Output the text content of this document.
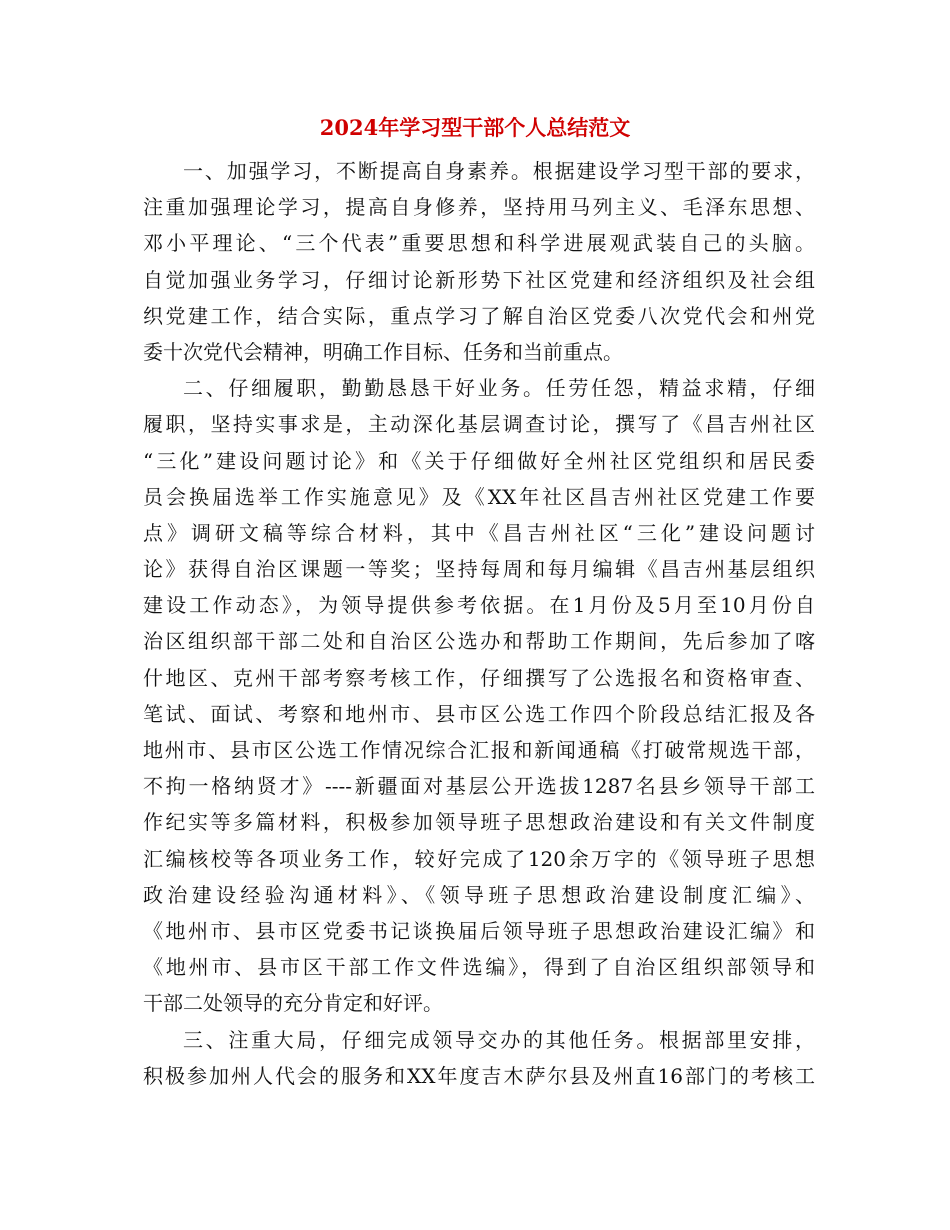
2024年学习型干部个人总结范文
一、加强学习，不断提高自身素养。根据建设学习型干部的要求，
注重加强理论学习，提高自身修养，坚持用马列主义、毛泽东思想、
邓小平理论、“三个代表”重要思想和科学进展观武装自己的头脑。
自觉加强业务学习，仔细讨论新形势下社区党建和经济组织及社会组
织党建工作，结合实际，重点学习了解自治区党委八次党代会和州党
委十次党代会精神，明确工作目标、任务和当前重点。
二、仔细履职，勤勤恳恳干好业务。任劳任怨，精益求精，仔细
履职，坚持实事求是，主动深化基层调查讨论，撰写了《昌吉州社区
“三化”建设问题讨论》和《关于仔细做好全州社区党组织和居民委
员会换届选举工作实施意见》及《XX年社区昌吉州社区党建工作要
点》调研文稿等综合材料，其中《昌吉州社区“三化”建设问题讨
论》获得自治区课题一等奖；坚持每周和每月编辑《昌吉州基层组织
建设工作动态》，为领导提供参考依据。在1月份及5月至10月份自
治区组织部干部二处和自治区公选办和帮助工作期间，先后参加了喀
什地区、克州干部考察考核工作，仔细撰写了公选报名和资格审查、
笔试、面试、考察和地州市、县市区公选工作四个阶段总结汇报及各
地州市、县市区公选工作情况综合汇报和新闻通稿《打破常规选干部，
不拘一格纳贤才》----新疆面对基层公开选拔1287名县乡领导干部工
作纪实等多篇材料，积极参加领导班子思想政治建设和有关文件制度
汇编核校等各项业务工作，较好完成了120余万字的《领导班子思想
政治建设经验沟通材料》、《领导班子思想政治建设制度汇编》、
《地州市、县市区党委书记谈换届后领导班子思想政治建设汇编》和
《地州市、县市区干部工作文件选编》，得到了自治区组织部领导和
干部二处领导的充分肯定和好评。
三、注重大局，仔细完成领导交办的其他任务。根据部里安排，
积极参加州人代会的服务和XX年度吉木萨尔县及州直16部门的考核工
